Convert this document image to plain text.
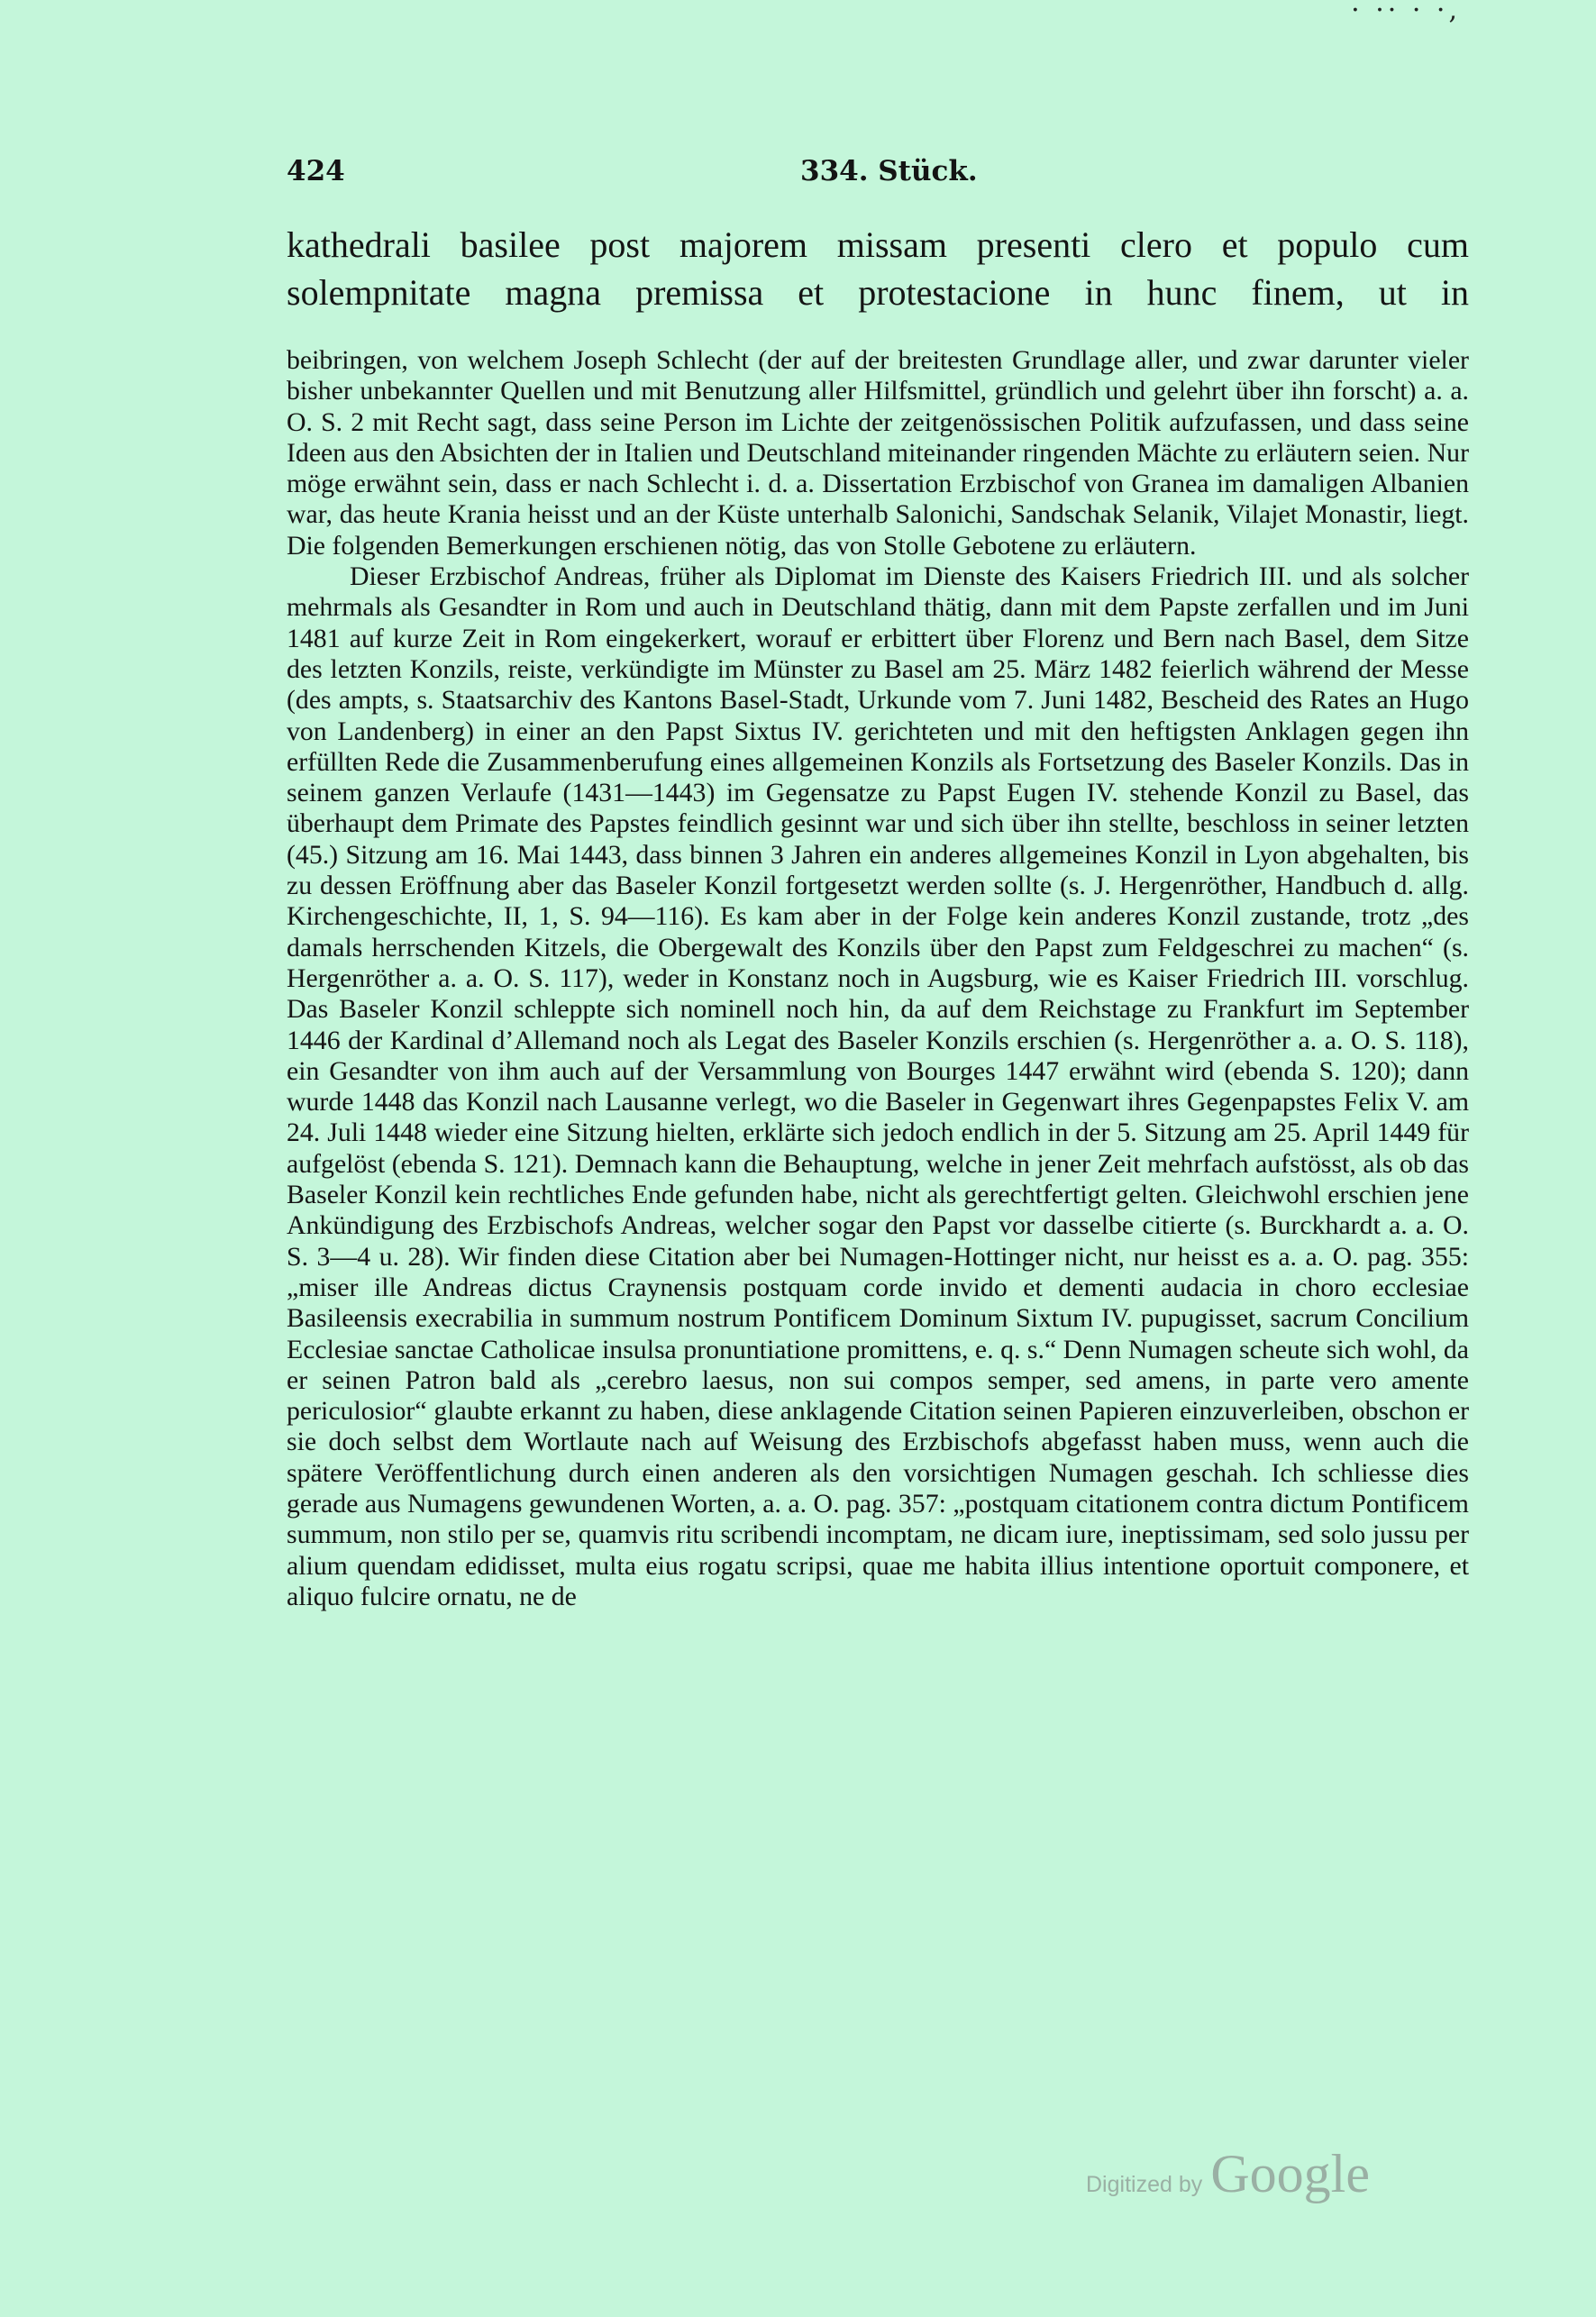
· ·· · ·,
424	334. Stück.

kathedrali basilee post majorem missam presenti clero et populo cum

solempnitate magna premissa et protestacione in hunc finem, ut in

beibringen, von welchem Joseph Schlecht (der auf der breitesten Grundlage aller, und zwar darunter vieler bisher unbekannter Quellen und mit Benutzung aller Hilfsmittel, gründlich und gelehrt über ihn forscht) a. a. O. S. 2 mit Recht sagt, dass seine Person im Lichte der zeitgenössischen Politik aufzufassen, und dass seine Ideen aus den Absichten der in Italien und Deutschland miteinander ringenden Mächte zu erläutern seien. Nur möge erwähnt sein, dass er nach Schlecht i. d. a. Dissertation Erzbischof von Granea im damaligen Albanien war, das heute Krania heisst und an der Küste unterhalb Salonichi, Sandschak Selanik, Vilajet Monastir, liegt. Die folgenden Bemerkungen erschienen nötig, das von Stolle Gebotene zu erläutern.

Dieser Erzbischof Andreas, früher als Diplomat im Dienste des Kaisers Friedrich III. und als solcher mehrmals als Gesandter in Rom und auch in Deutschland thätig, dann mit dem Papste zerfallen und im Juni 1481 auf kurze Zeit in Rom eingekerkert, worauf er erbittert über Florenz und Bern nach Basel, dem Sitze des letzten Konzils, reiste, verkündigte im Münster zu Basel am 25. März 1482 feierlich während der Messe (des ampts, s. Staatsarchiv des Kantons Basel-Stadt, Urkunde vom 7. Juni 1482, Bescheid des Rates an Hugo von Landenberg) in einer an den Papst Sixtus IV. gerichteten und mit den heftigsten Anklagen gegen ihn erfüllten Rede die Zusammenberufung eines allgemeinen Konzils als Fortsetzung des Baseler Konzils. Das in seinem ganzen Verlaufe (1431—1443) im Gegensatze zu Papst Eugen IV. stehende Konzil zu Basel, das überhaupt dem Primate des Papstes feindlich gesinnt war und sich über ihn stellte, beschloss in seiner letzten (45.) Sitzung am 16. Mai 1443, dass binnen 3 Jahren ein anderes allgemeines Konzil in Lyon abgehalten, bis zu dessen Eröffnung aber das Baseler Konzil fortgesetzt werden sollte (s. J. Hergenröther, Handbuch d. allg. Kirchengeschichte, II, 1, S. 94—116). Es kam aber in der Folge kein anderes Konzil zustande, trotz „des damals herrschenden Kitzels, die Obergewalt des Konzils über den Papst zum Feldgeschrei zu machen“ (s. Hergenröther a. a. O. S. 117), weder in Konstanz noch in Augsburg, wie es Kaiser Friedrich III. vorschlug. Das Baseler Konzil schleppte sich nominell noch hin, da auf dem Reichstage zu Frankfurt im September 1446 der Kardinal d’Allemand noch als Legat des Baseler Konzils erschien (s. Hergenröther a. a. O. S. 118), ein Gesandter von ihm auch auf der Versammlung von Bourges 1447 erwähnt wird (ebenda S. 120); dann wurde 1448 das Konzil nach Lausanne verlegt, wo die Baseler in Gegenwart ihres Gegenpapstes Felix V. am 24. Juli 1448 wieder eine Sitzung hielten, erklärte sich jedoch endlich in der 5. Sitzung am 25. April 1449 für aufgelöst (ebenda S. 121). Demnach kann die Behauptung, welche in jener Zeit mehrfach aufstösst, als ob das Baseler Konzil kein rechtliches Ende gefunden habe, nicht als gerechtfertigt gelten. Gleichwohl erschien jene Ankündigung des Erzbischofs Andreas, welcher sogar den Papst vor dasselbe citierte (s. Burckhardt a. a. O. S. 3—4 u. 28). Wir finden diese Citation aber bei Numagen-Hottinger nicht, nur heisst es a. a. O. pag. 355: „miser ille Andreas dictus Craynensis postquam corde invido et dementi audacia in choro ecclesiae Basileensis execrabilia in summum nostrum Pontificem Dominum Sixtum IV. pupugisset, sacrum Concilium Ecclesiae sanctae Catholicae insulsa pronuntiatione promittens, e. q. s.“ Denn Numagen scheute sich wohl, da er seinen Patron bald als „cerebro laesus, non sui compos semper, sed amens, in parte vero amente periculosior“ glaubte erkannt zu haben, diese anklagende Citation seinen Papieren einzuverleiben, obschon er sie doch selbst dem Wortlaute nach auf Weisung des Erzbischofs abgefasst haben muss, wenn auch die spätere Veröffentlichung durch einen anderen als den vorsichtigen Numagen geschah. Ich schliesse dies gerade aus Numagens gewundenen Worten, a. a. O. pag. 357: „postquam citationem contra dictum Pontificem summum, non stilo per se, quamvis ritu scribendi incomptam, ne dicam iure, ineptissimam, sed solo jussu per alium quendam edidisset, multa eius rogatu scripsi, quae me habita illius intentione oportuit componere, et aliquo fulcire ornatu, ne de

Digitized by Google
